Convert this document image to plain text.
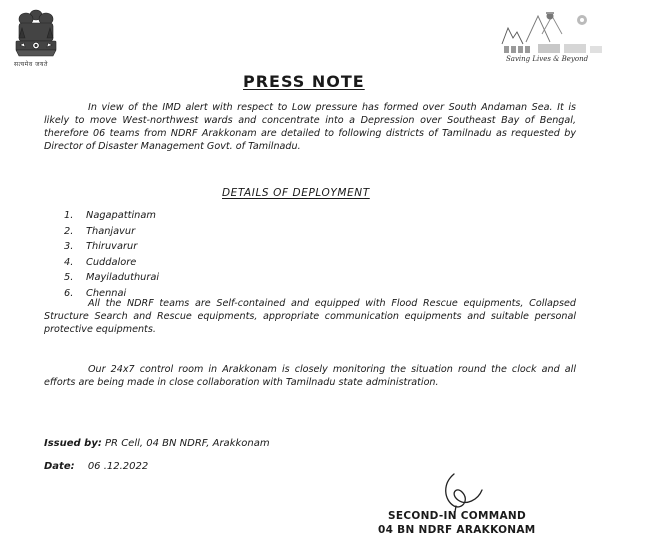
सत्यमेव जयते
Saving Lives & Beyond
PRESS NOTE

In view of the IMD alert with respect to Low pressure has formed over South Andaman Sea. It is likely to move West-northwest wards and concentrate into a Depression over Southeast Bay of Bengal, therefore 06 teams from NDRF Arakkonam are detailed to following districts of Tamilnadu as requested by Director of Disaster Management Govt. of Tamilnadu.

DETAILS OF DEPLOYMENT
1.	Nagapattinam
2.	Thanjavur
3.	Thiruvarur
4.	Cuddalore
5.	Mayiladuthurai
6.	Chennai

All the NDRF teams are Self-contained and equipped with Flood Rescue equipments, Collapsed Structure Search and Rescue equipments, appropriate communication equipments and suitable personal protective equipments.

Our 24x7 control room in Arakkonam is closely monitoring the situation round the clock and all efforts are being made in close collaboration with Tamilnadu state administration.

Issued by: PR Cell, 04 BN NDRF, Arakkonam
Date: 06 .12.2022
SECOND-IN COMMAND
04 BN NDRF ARAKKONAM
